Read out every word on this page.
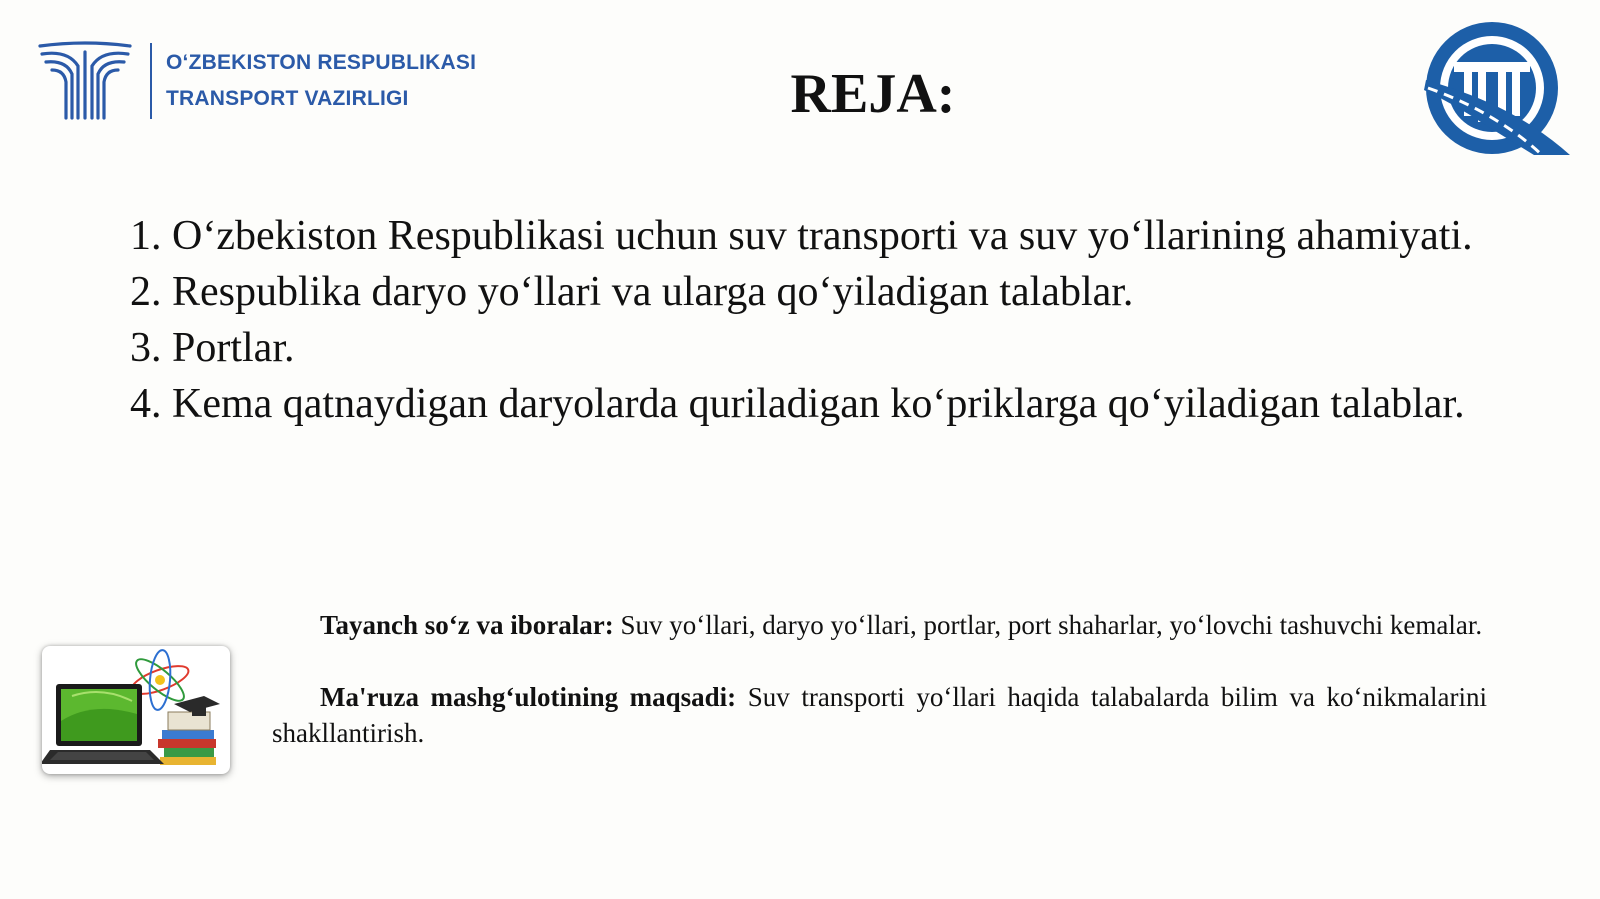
O‘ZBEKISTON RESPUBLIKASI
TRANSPORT VAZIRLIGI	REJA:
1. O‘zbekiston Respublikasi uchun suv transporti va suv yo‘llarining ahamiyati.
2. Respublika daryo yo‘llari va ularga qo‘yiladigan talablar.
3. Portlar.
4. Kema qatnaydigan daryolarda quriladigan ko‘priklarga qo‘yiladigan talablar.

Tayanch so‘z va iboralar: Suv yo‘llari, daryo yo‘llari, portlar, port shaharlar, yo‘lovchi tashuvchi kemalar.

Ma'ruza mashg‘ulotining maqsadi: Suv transporti yo‘llari haqida talabalarda bilim va ko‘nikmalarini shakllantirish.
